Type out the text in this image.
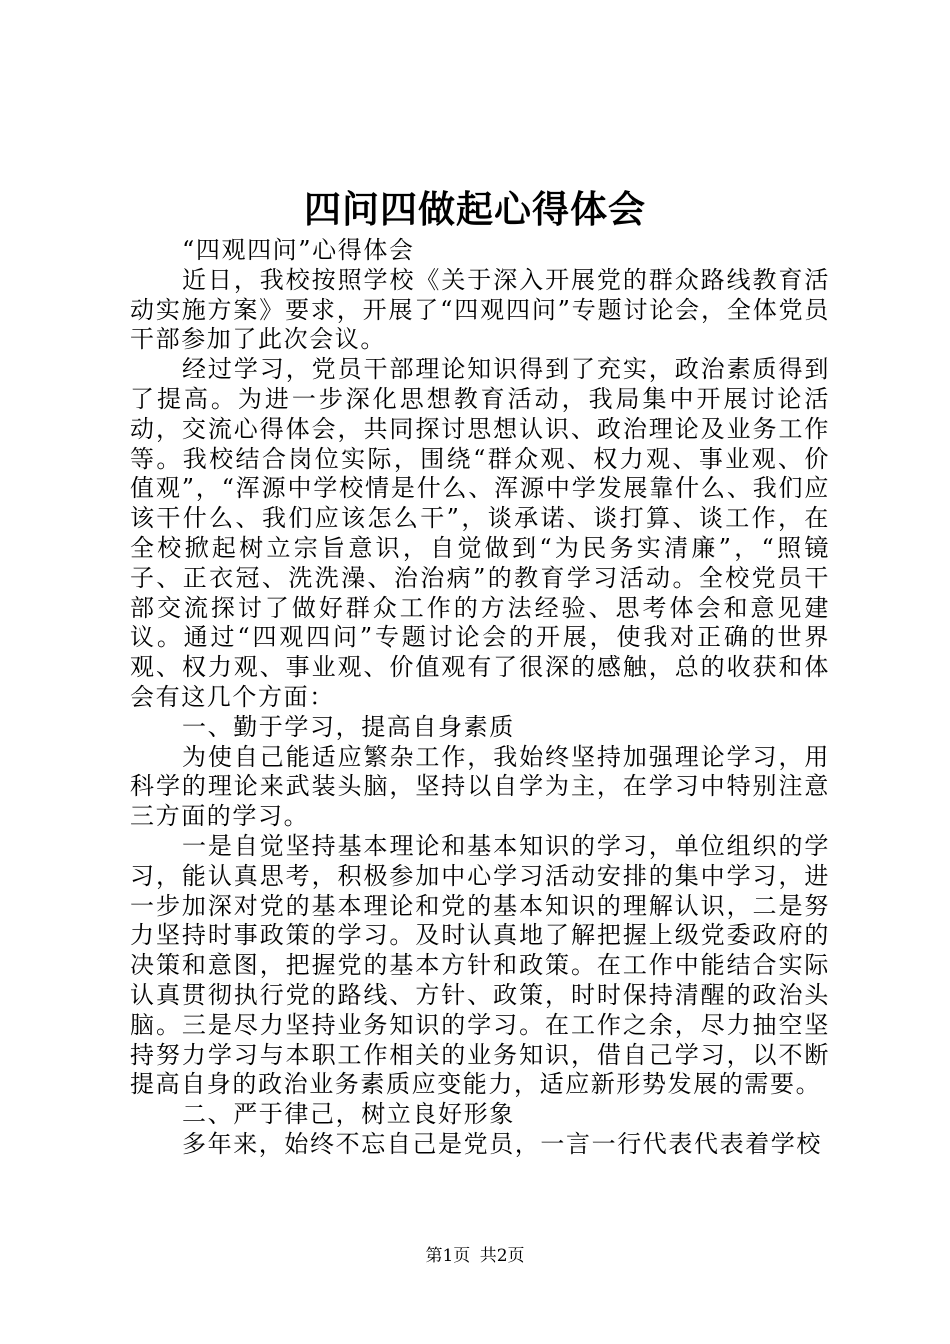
四问四做起心得体会

“四观四问”心得体会

近日，我校按照学校《关于深入开展党的群众路线教育活动实施方案》要求，开展了“四观四问”专题讨论会，全体党员干部参加了此次会议。

经过学习，党员干部理论知识得到了充实，政治素质得到了提高。为进一步深化思想教育活动，我局集中开展讨论活动，交流心得体会，共同探讨思想认识、政治理论及业务工作等。我校结合岗位实际，围绕“群众观、权力观、事业观、价值观”，“浑源中学校情是什么、浑源中学发展靠什么、我们应该干什么、我们应该怎么干”，谈承诺、谈打算、谈工作，在全校掀起树立宗旨意识，自觉做到“为民务实清廉”，“照镜子、正衣冠、洗洗澡、治治病”的教育学习活动。全校党员干部交流探讨了做好群众工作的方法经验、思考体会和意见建议。通过“四观四问”专题讨论会的开展，使我对正确的世界观、权力观、事业观、价值观有了很深的感触，总的收获和体会有这几个方面：

一、勤于学习，提高自身素质

为使自己能适应繁杂工作，我始终坚持加强理论学习，用科学的理论来武装头脑，坚持以自学为主，在学习中特别注意三方面的学习。

一是自觉坚持基本理论和基本知识的学习，单位组织的学习，能认真思考，积极参加中心学习活动安排的集中学习，进一步加深对党的基本理论和党的基本知识的理解认识，二是努力坚持时事政策的学习。及时认真地了解把握上级党委政府的决策和意图，把握党的基本方针和政策。在工作中能结合实际认真贯彻执行党的路线、方针、政策，时时保持清醒的政治头脑。三是尽力坚持业务知识的学习。在工作之余，尽力抽空坚持努力学习与本职工作相关的业务知识，借自己学习，以不断提高自身的政治业务素质应变能力，适应新形势发展的需要。

二、严于律己，树立良好形象

多年来，始终不忘自己是党员，一言一行代表代表着学校

第1页 共2页
